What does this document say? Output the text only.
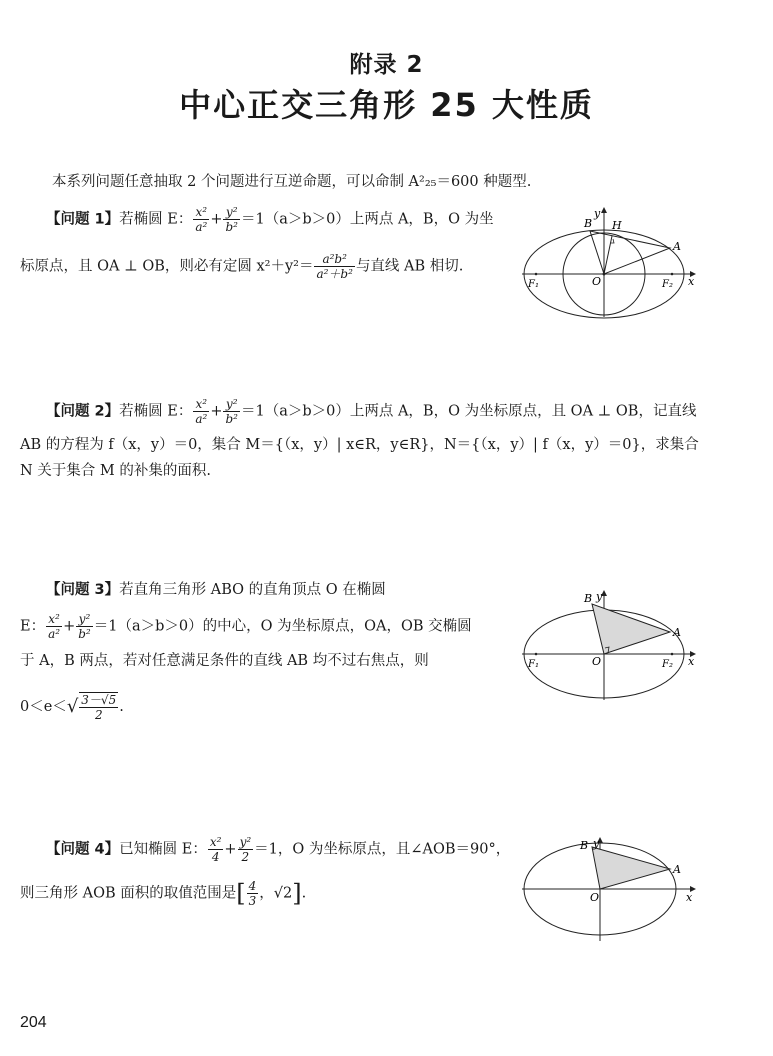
附录 2
中心正交三角形 25 大性质
本系列问题任意抽取 2 个问题进行互逆命题，可以命制 A²₂₅＝600 种题型.
【问题 1】若椭圆 E： $\frac{\text{x²}}{\text{a²}} + \frac{\text{y²}}{\text{b²}} =1(a>b>0)$上两点 A，B，O 为坐
标原点，且 OA ⊥ OB，则必有定圆 $x^2+y^2= \frac{\text{a²b²}}{\text{a²＋b²}}$ 与直线 AB 相切.
B H
A
O
F₁	F₂ x
y
【问题 2】若椭圆 E： $\frac{\text{x²}}{\text{a²}} + \frac{\text{y²}}{\text{b²}} =1(a>b>0)$上两点 A，B，O 为坐标原点，且 OA ⊥ OB，记直线
AB 的方程为 f（x，y）＝0，集合 M＝{（x，y）| x∈R，y∈R}，N＝{（x，y）| f（x，y）＝0}，求集合
N 关于集合 M 的补集的面积.
【问题 3】若直角三角形 ABO 的直角顶点 O 在椭圆
E： $\frac{\text{x²}}{\text{a²}} + \frac{\text{y²}}{\text{b²}} =1(a>b>0)$的中心，O 为坐标原点，OA，OB 交椭圆
于 A，B 两点，若对任意满足条件的直线 AB 均不过右焦点，则
$0<e<√ \frac{3-√5}{2}$ .
B y
A
O
F₁	F₂ x
【问题 4】已知椭圆 E： $\frac{\text{x²}}{4} + \frac{\text{y²}}{2} =1$，O 为坐标原点，且∠AOB＝90°，
则三角形 AOB 面积的取值范围是[ $\frac{4}{3}$ ，√2].
B y
A
O	x
204
